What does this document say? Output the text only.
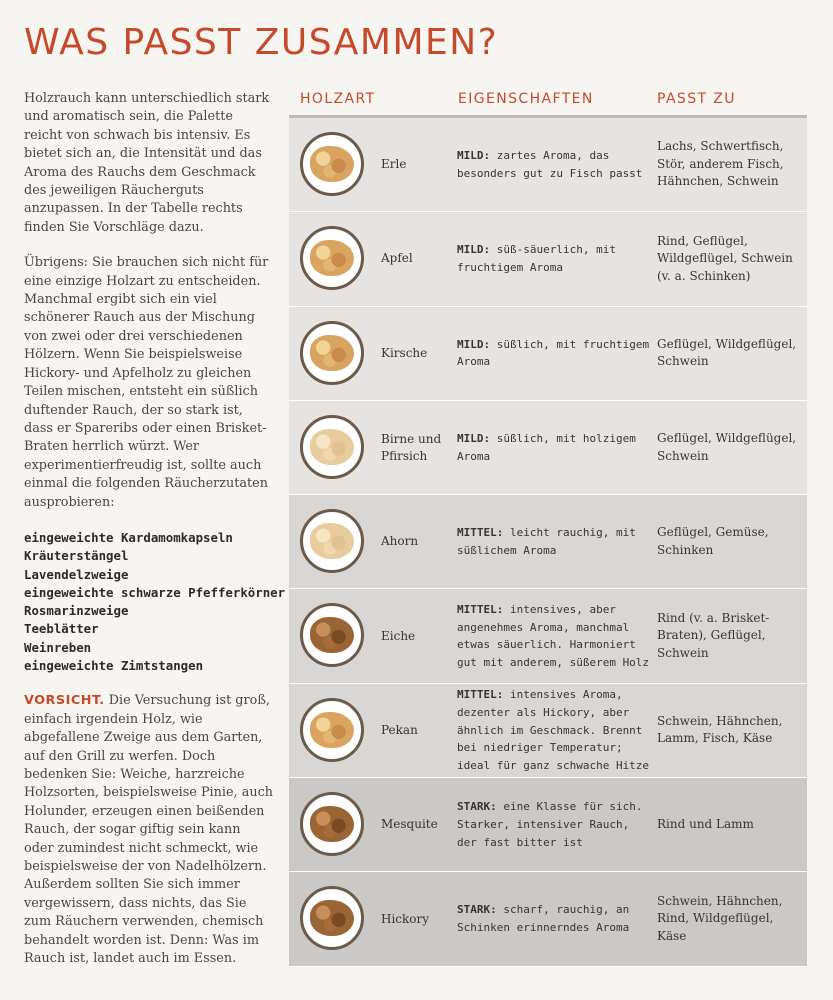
WAS PASST ZUSAMMEN?

Holzrauch kann unterschiedlich stark und aromatisch sein, die Palette reicht von schwach bis intensiv. Es bietet sich an, die Intensität und das Aroma des Rauchs dem Geschmack des jeweiligen Räucherguts anzupassen. In der Tabelle rechts finden Sie Vorschläge dazu.

Übrigens: Sie brauchen sich nicht für eine einzige Holzart zu entscheiden. Manchmal ergibt sich ein viel schönerer Rauch aus der Mischung von zwei oder drei verschiedenen Hölzern. Wenn Sie beispielsweise Hickory- und Apfelholz zu gleichen Teilen mischen, entsteht ein süßlich duftender Rauch, der so stark ist, dass er Spareribs oder einen Brisket-Braten herrlich würzt. Wer experimentierfreudig ist, sollte auch einmal die folgenden Räucherzutaten ausprobieren:

eingeweichte Kardamomkapseln
Kräuterstängel
Lavendelzweige
eingeweichte schwarze Pfefferkörner
Rosmarinzweige
Teeblätter
Weinreben
eingeweichte Zimtstangen

VORSICHT. Die Versuchung ist groß, einfach irgendein Holz, wie abgefallene Zweige aus dem Garten, auf den Grill zu werfen. Doch bedenken Sie: Weiche, harzreiche Holzsorten, beispielsweise Pinie, auch Holunder, erzeugen einen beißenden Rauch, der sogar giftig sein kann oder zumindest nicht schmeckt, wie beispielsweise der von Nadelhölzern. Außerdem sollten Sie sich immer vergewissern, dass nichts, das Sie zum Räuchern verwenden, chemisch behandelt worden ist. Denn: Was im Rauch ist, landet auch im Essen.

HOLZART	EIGENSCHAFTEN	PASST ZU
Erle
MILD: zartes Aroma, das besonders gut zu Fisch passt
Lachs, Schwertfisch, Stör, anderem Fisch, Hähnchen, Schwein
Apfel
MILD: süß-säuerlich, mit fruchtigem Aroma
Rind, Geflügel, Wildgeflügel, Schwein (v. a. Schinken)
Kirsche
MILD: süßlich, mit fruchtigem Aroma
Geflügel, Wildgeflügel, Schwein
Birne und Pfirsich
MILD: süßlich, mit holzigem Aroma
Geflügel, Wildgeflügel, Schwein
Ahorn
MITTEL: leicht rauchig, mit süßlichem Aroma
Geflügel, Gemüse, Schinken
Eiche
MITTEL: intensives, aber angenehmes Aroma, manchmal etwas säuerlich. Harmoniert gut mit anderem, süßerem Holz
Rind (v. a. Brisket-Braten), Geflügel, Schwein
Pekan
MITTEL: intensives Aroma, dezenter als Hickory, aber ähnlich im Geschmack. Brennt bei niedriger Temperatur; ideal für ganz schwache Hitze
Schwein, Hähnchen, Lamm, Fisch, Käse
Mesquite
STARK: eine Klasse für sich. Starker, intensiver Rauch, der fast bitter ist
Rind und Lamm
Hickory
STARK: scharf, rauchig, an Schinken erinnerndes Aroma
Schwein, Hähnchen, Rind, Wildgeflügel, Käse
